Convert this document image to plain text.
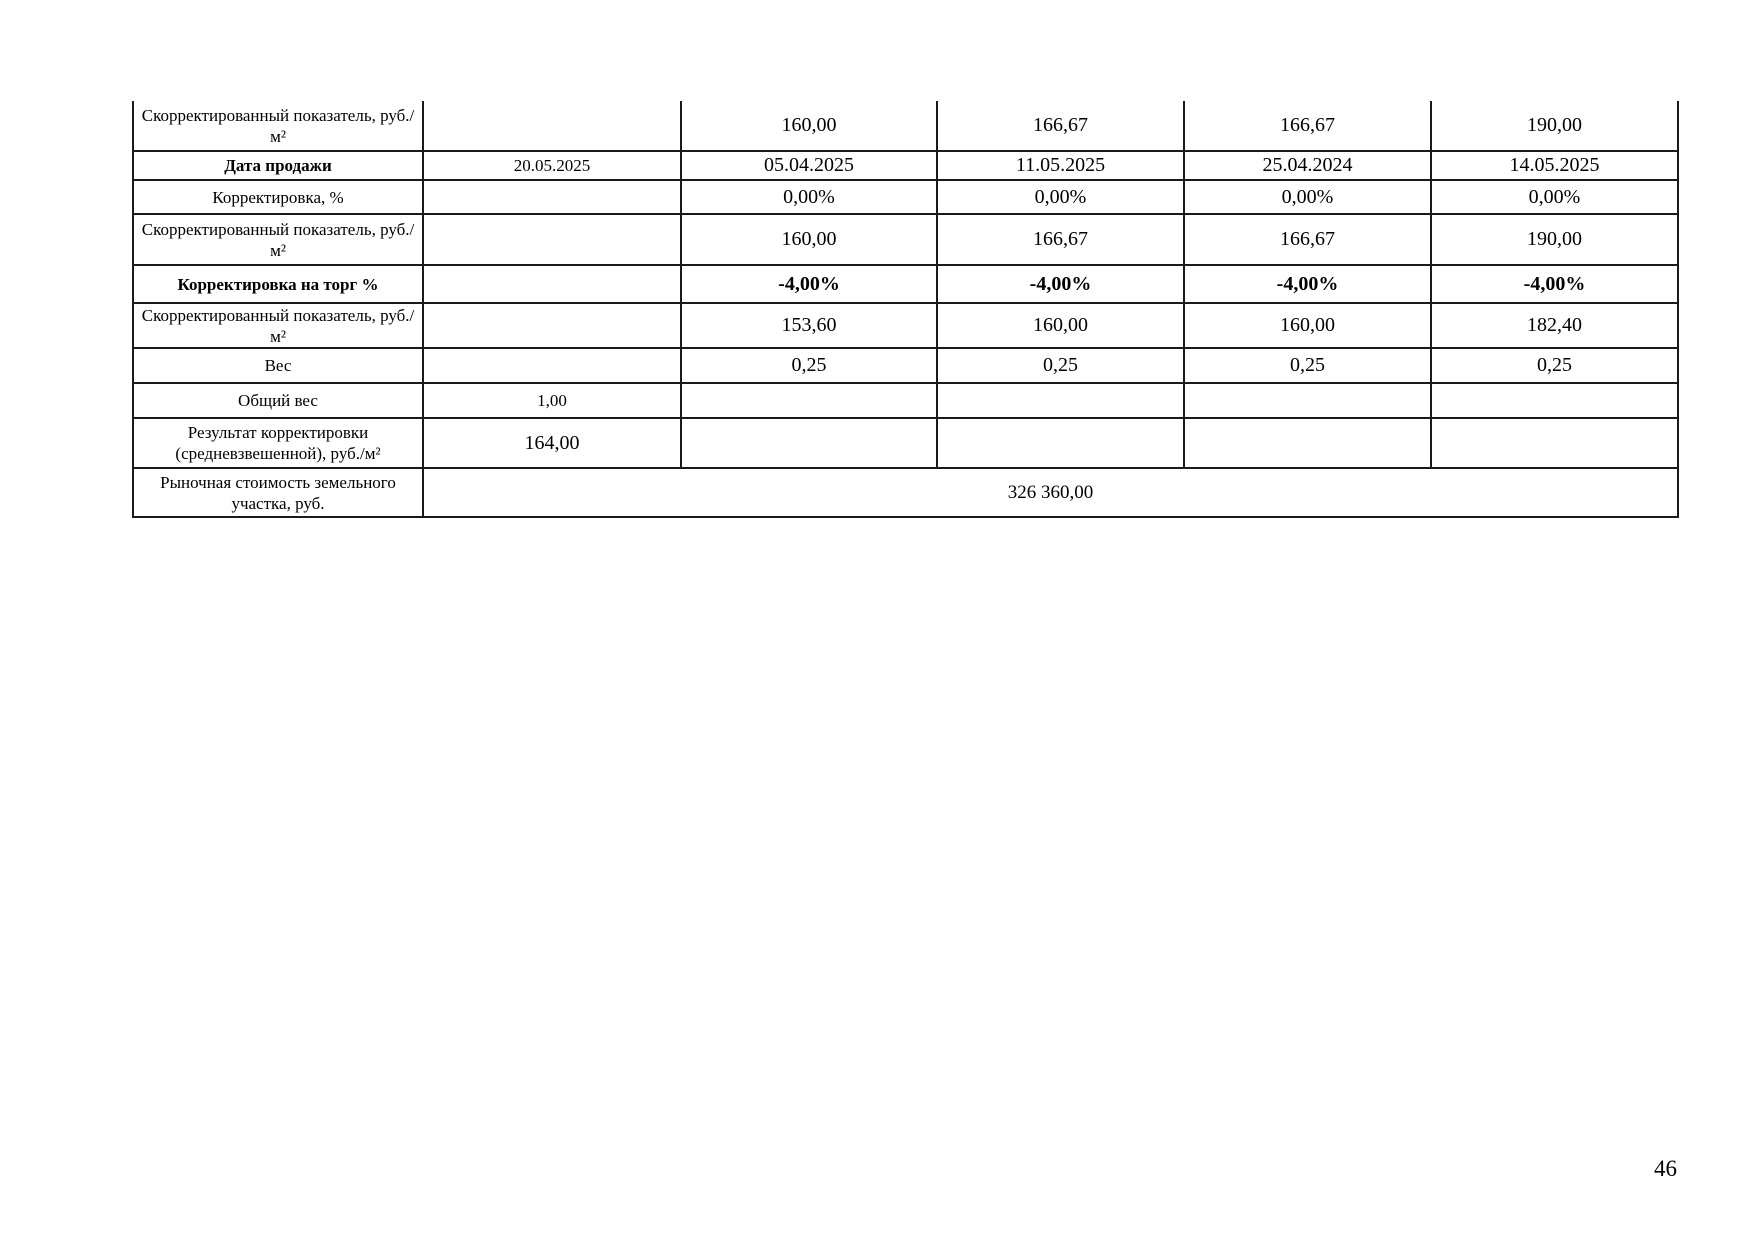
Скорректированный показатель, руб./м²		160,00	166,67	166,67	190,00
Дата продажи	20.05.2025	05.04.2025	11.05.2025	25.04.2024	14.05.2025
Корректировка, %		0,00%	0,00%	0,00%	0,00%
Скорректированный показатель, руб./м²		160,00	166,67	166,67	190,00
Корректировка на торг %		-4,00%	-4,00%	-4,00%	-4,00%
Скорректированный показатель, руб./м²		153,60	160,00	160,00	182,40
Вес		0,25	0,25	0,25	0,25
Общий вес	1,00				
Результат корректировки (средневзвешенной), руб./м²	164,00				
Рыночная стоимость земельного участка, руб.	326 360,00				
46
